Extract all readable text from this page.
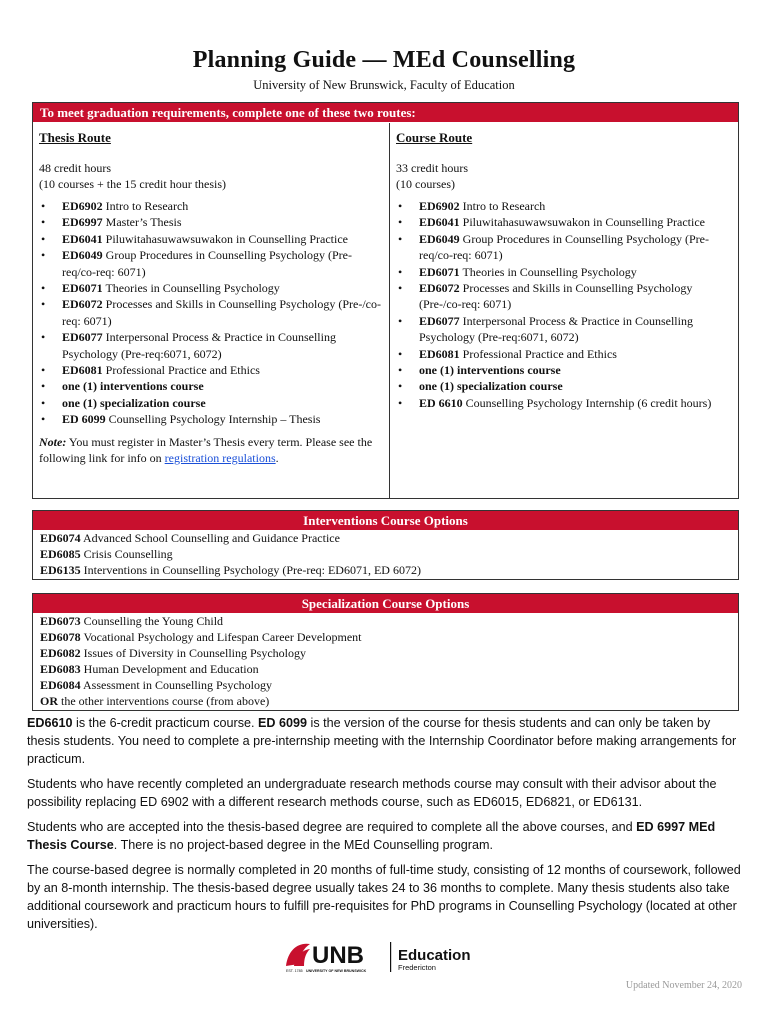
Planning Guide — MEd Counselling
University of New Brunswick, Faculty of Education
To meet graduation requirements, complete one of these two routes:
Thesis Route
48 credit hours
(10 courses + the 15 credit hour thesis)
• ED6902 Intro to Research
• ED6997 Master’s Thesis
• ED6041 Piluwitahasuwawsuwakon in Counselling Practice
• ED6049 Group Procedures in Counselling Psychology (Pre-req/co-req: 6071)
• ED6071 Theories in Counselling Psychology
• ED6072 Processes and Skills in Counselling Psychology (Pre-/co-req: 6071)
• ED6077 Interpersonal Process & Practice in Counselling Psychology (Pre-req:6071, 6072)
• ED6081 Professional Practice and Ethics
• one (1) interventions course
• one (1) specialization course
• ED 6099 Counselling Psychology Internship – Thesis
Note: You must register in Master’s Thesis every term. Please see the following link for info on registration regulations.
Course Route
33 credit hours
(10 courses)
• ED6902 Intro to Research
• ED6041 Piluwitahasuwawsuwakon in Counselling Practice
• ED6049 Group Procedures in Counselling Psychology (Pre-req/co-req: 6071)
• ED6071 Theories in Counselling Psychology
• ED6072 Processes and Skills in Counselling Psychology (Pre-/co-req: 6071)
• ED6077 Interpersonal Process & Practice in Counselling Psychology (Pre-req:6071, 6072)
• ED6081 Professional Practice and Ethics
• one (1) interventions course
• one (1) specialization course
• ED 6610 Counselling Psychology Internship (6 credit hours)
Interventions Course Options
ED6074 Advanced School Counselling and Guidance Practice
ED6085 Crisis Counselling
ED6135 Interventions in Counselling Psychology (Pre-req: ED6071, ED 6072)
Specialization Course Options
ED6073 Counselling the Young Child
ED6078 Vocational Psychology and Lifespan Career Development
ED6082 Issues of Diversity in Counselling Psychology
ED6083 Human Development and Education
ED6084 Assessment in Counselling Psychology
OR the other interventions course (from above)
ED6610 is the 6-credit practicum course. ED 6099 is the version of the course for thesis students and can only be taken by thesis students. You need to complete a pre-internship meeting with the Internship Coordinator before making arrangements for practicum.
Students who have recently completed an undergraduate research methods course may consult with their advisor about the possibility replacing ED 6902 with a different research methods course, such as ED6015, ED6821, or ED6131.
Students who are accepted into the thesis-based degree are required to complete all the above courses, and ED 6997 MEd Thesis Course. There is no project-based degree in the MEd Counselling program.
The course-based degree is normally completed in 20 months of full-time study, consisting of 12 months of coursework, followed by an 8-month internship. The thesis-based degree usually takes 24 to 36 months to complete. Many thesis students also take additional coursework and practicum hours to fulfill pre-requisites for PhD programs in Counselling Psychology (located at other universities).
UNB
EST. 1785 UNIVERSITY OF NEW BRUNSWICK
Education
Fredericton
Updated November 24, 2020
